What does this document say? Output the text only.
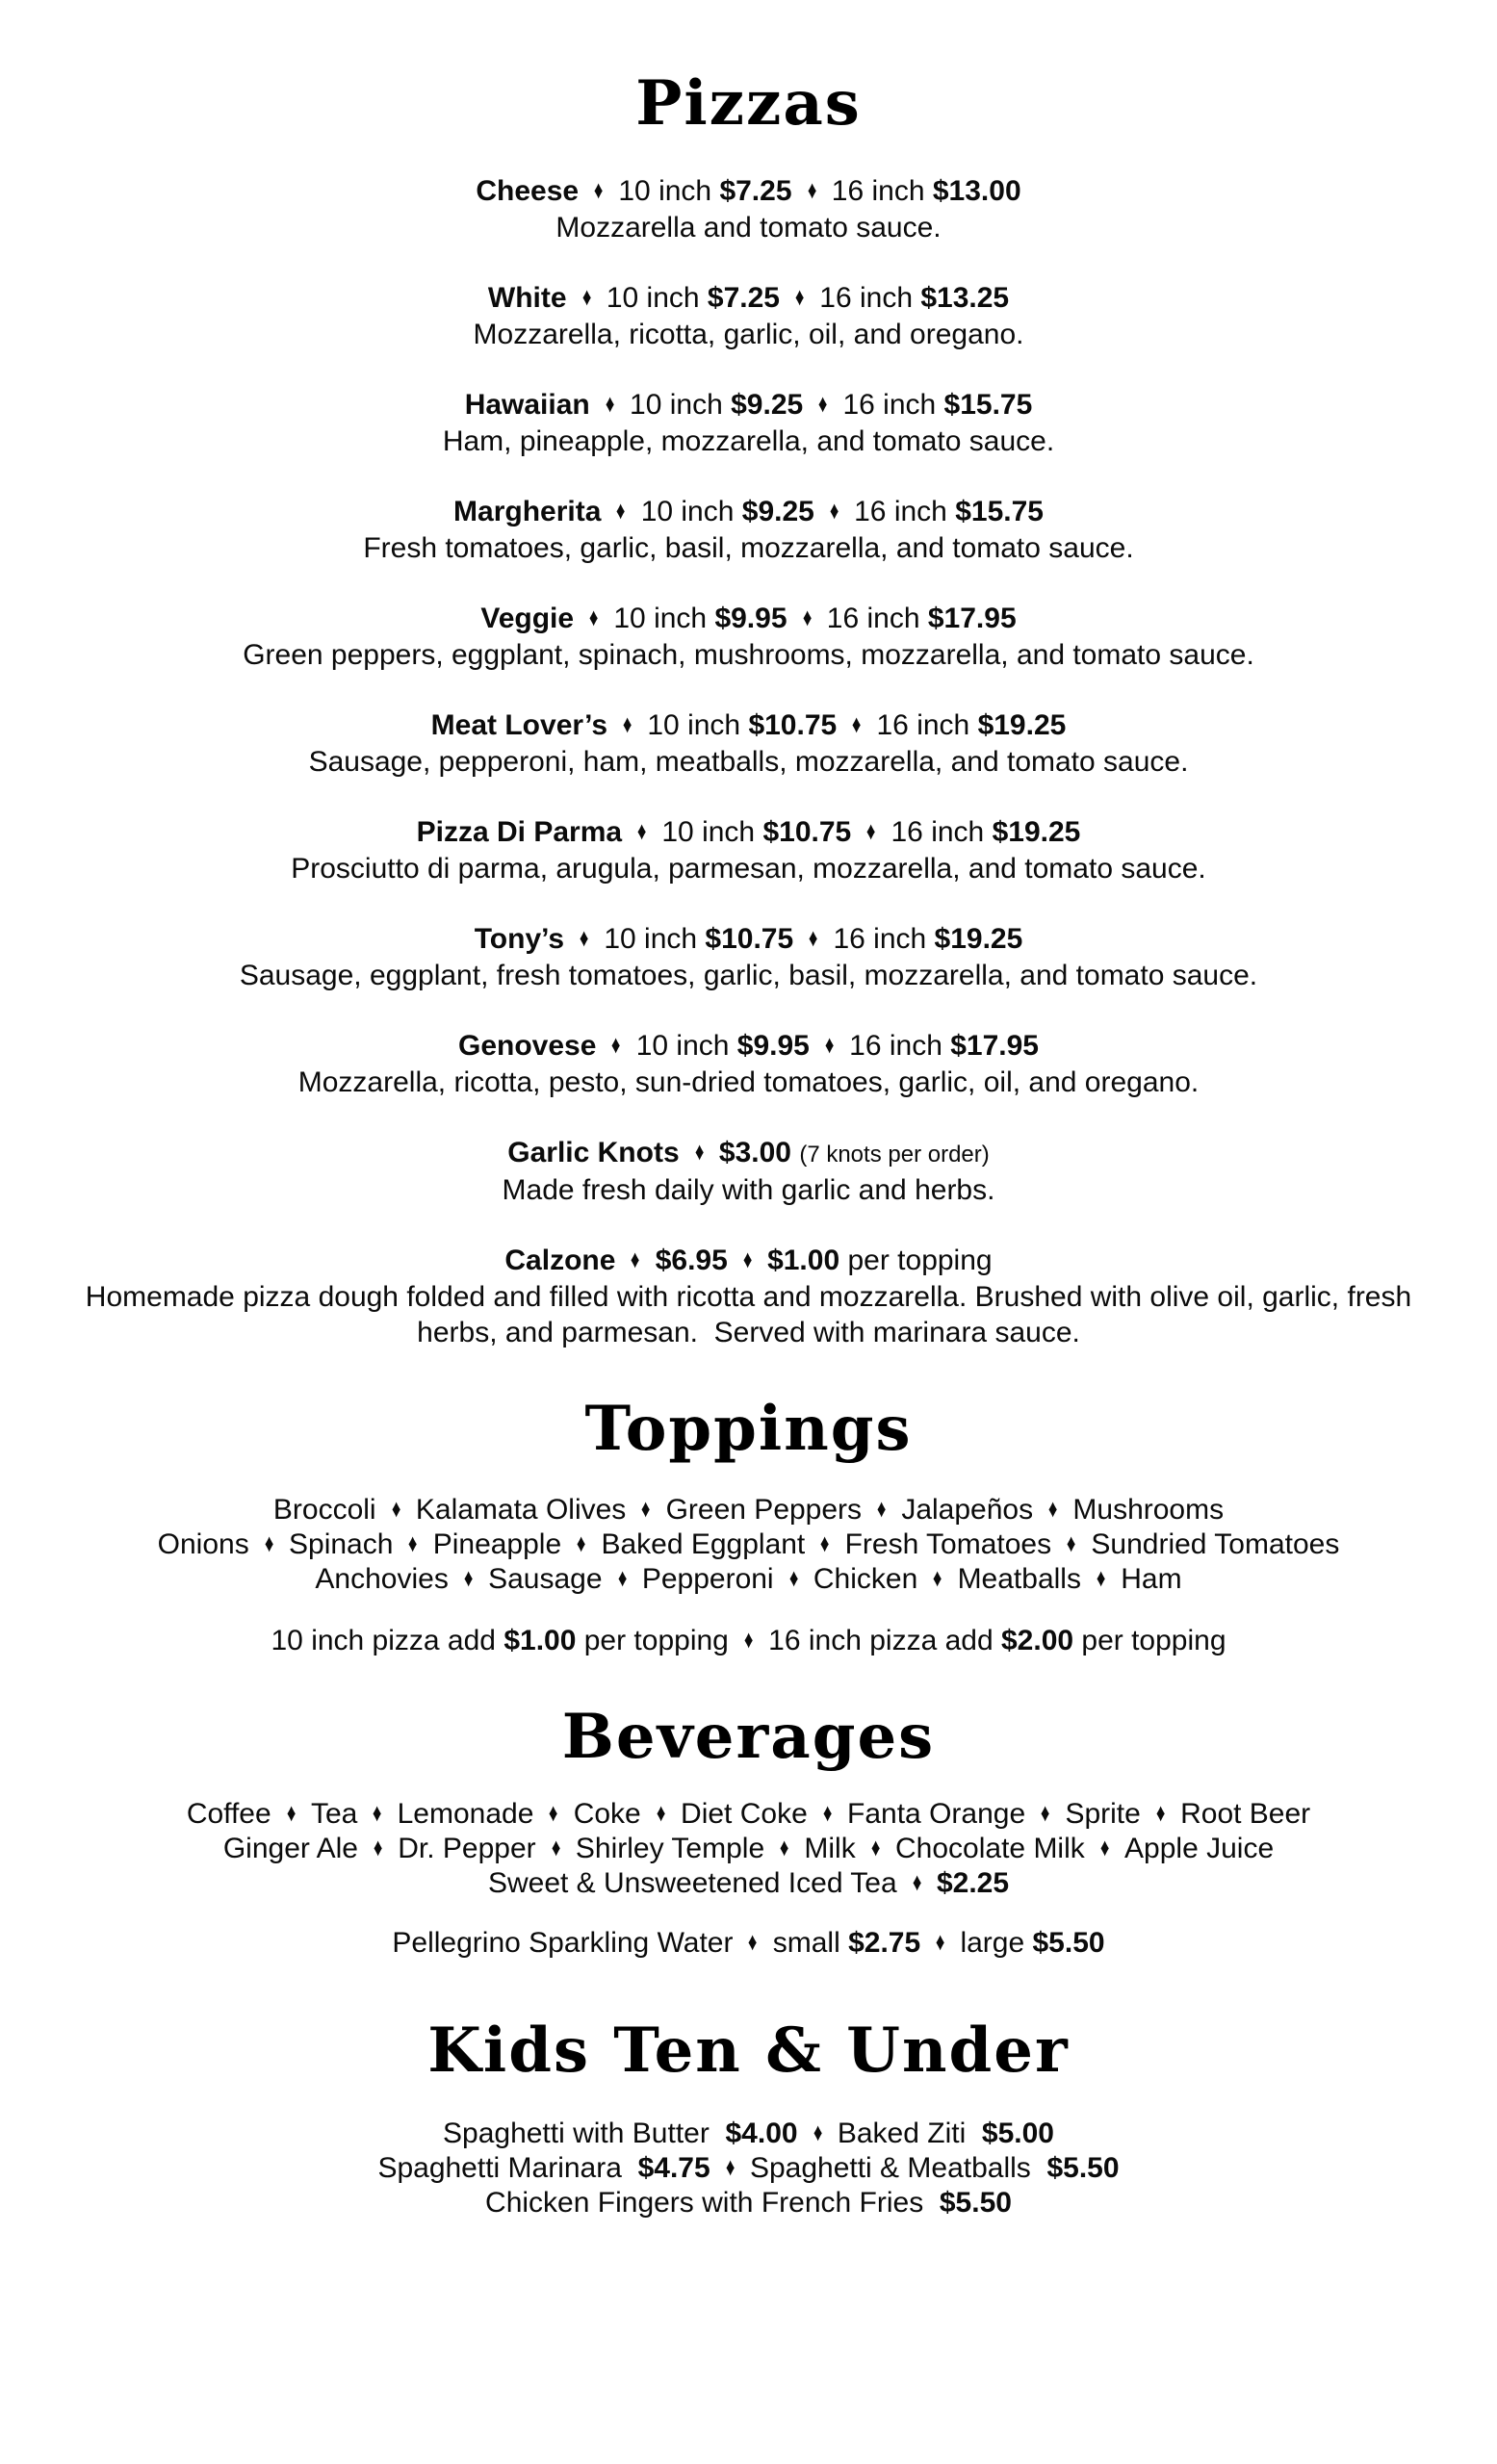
Pizzas
Cheese ♦ 10 inch $7.25 ♦ 16 inch $13.00
Mozzarella and tomato sauce.
White ♦ 10 inch $7.25 ♦ 16 inch $13.25
Mozzarella, ricotta, garlic, oil, and oregano.
Hawaiian ♦ 10 inch $9.25 ♦ 16 inch $15.75
Ham, pineapple, mozzarella, and tomato sauce.
Margherita ♦ 10 inch $9.25 ♦ 16 inch $15.75
Fresh tomatoes, garlic, basil, mozzarella, and tomato sauce.
Veggie ♦ 10 inch $9.95 ♦ 16 inch $17.95
Green peppers, eggplant, spinach, mushrooms, mozzarella, and tomato sauce.
Meat Lover’s ♦ 10 inch $10.75 ♦ 16 inch $19.25
Sausage, pepperoni, ham, meatballs, mozzarella, and tomato sauce.
Pizza Di Parma ♦ 10 inch $10.75 ♦ 16 inch $19.25
Prosciutto di parma, arugula, parmesan, mozzarella, and tomato sauce.
Tony’s ♦ 10 inch $10.75 ♦ 16 inch $19.25
Sausage, eggplant, fresh tomatoes, garlic, basil, mozzarella, and tomato sauce.
Genovese ♦ 10 inch $9.95 ♦ 16 inch $17.95
Mozzarella, ricotta, pesto, sun-dried tomatoes, garlic, oil, and oregano.
Garlic Knots ♦ $3.00 (7 knots per order)
Made fresh daily with garlic and herbs.
Calzone ♦ $6.95 ♦ $1.00 per topping
Homemade pizza dough folded and filled with ricotta and mozzarella. Brushed with olive oil, garlic, fresh herbs, and parmesan.  Served with marinara sauce.
Toppings
Broccoli ♦ Kalamata Olives ♦ Green Peppers ♦ Jalapeños ♦ Mushrooms
Onions ♦ Spinach ♦ Pineapple ♦ Baked Eggplant ♦ Fresh Tomatoes ♦ Sundried Tomatoes
Anchovies ♦ Sausage ♦ Pepperoni ♦ Chicken ♦ Meatballs ♦ Ham
10 inch pizza add $1.00 per topping ♦ 16 inch pizza add $2.00 per topping
Beverages
Coffee ♦ Tea ♦ Lemonade ♦ Coke ♦ Diet Coke ♦ Fanta Orange ♦ Sprite ♦ Root Beer
Ginger Ale ♦ Dr. Pepper ♦ Shirley Temple ♦ Milk ♦ Chocolate Milk ♦ Apple Juice
Sweet & Unsweetened Iced Tea ♦ $2.25
Pellegrino Sparkling Water ♦ small $2.75 ♦ large $5.50
Kids Ten & Under
Spaghetti with Butter  $4.00 ♦ Baked Ziti  $5.00
Spaghetti Marinara  $4.75 ♦ Spaghetti & Meatballs  $5.50
Chicken Fingers with French Fries  $5.50
